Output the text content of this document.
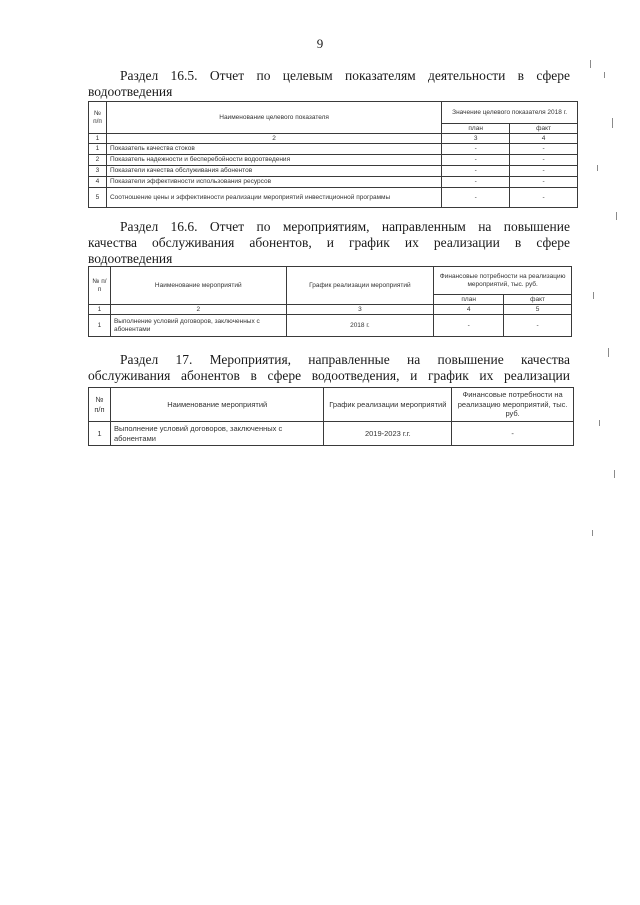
9
Раздел 16.5. Отчет по целевым показателям деятельности в сфере
водоотведения
№ п/п	Наименование целевого показателя	Значение целевого показателя 2018 г.	
		план	факт
1	2	3	4
1	Показатель качества стоков	-	-
2	Показатель надежности и бесперебойности водоотведения	-	-
3	Показатели качества обслуживания абонентов	-	-
4	Показатели эффективности использования ресурсов	-	-
5	Соотношение цены и эффективности реализации мероприятий инвестиционной программы	-	-
Раздел 16.6. Отчет по мероприятиям, направленным на повышение
качества обслуживания абонентов, и график их реализации в сфере
водоотведения
№ п/п	Наименование мероприятий	График реализации мероприятий	Финансовые потребности на реализацию мероприятий, тыс. руб.	
			план	факт
1	2	3	4	5
1	Выполнение условий договоров, заключенных с абонентами	2018 г.	-	-
Раздел 17. Мероприятия, направленные на повышение качества
обслуживания абонентов в сфере водоотведения, и график их реализации
№ п/п	Наименование мероприятий	График реализации мероприятий	Финансовые потребности на реализацию мероприятий, тыс. руб.
1	Выполнение условий договоров, заключенных с абонентами	2019-2023 г.г.	-
